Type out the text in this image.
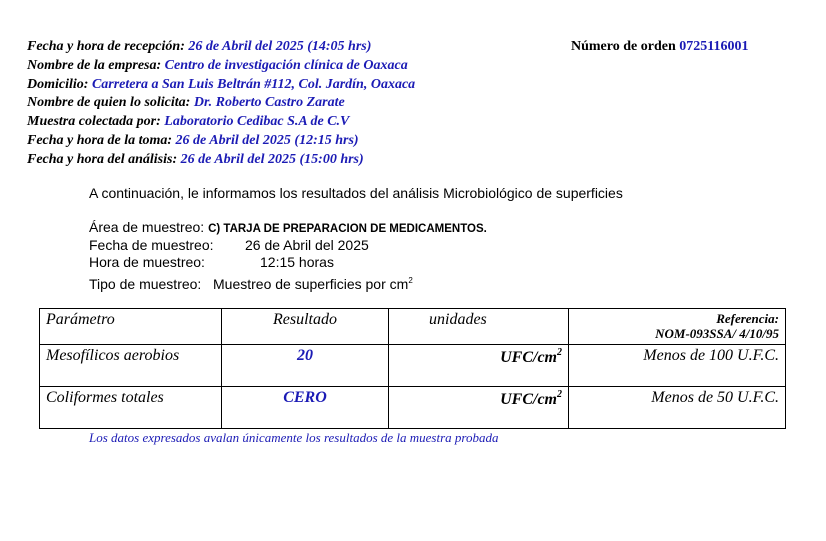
Fecha y hora de recepción: 26 de Abril del 2025 (14:05 hrs)
Nombre de la empresa: Centro de investigación clínica de Oaxaca
Domicilio: Carretera a San Luis Beltrán #112, Col. Jardín, Oaxaca
Nombre de quien lo solicita: Dr. Roberto Castro Zarate
Muestra colectada por: Laboratorio Cedibac S.A de C.V
Fecha y hora de la toma: 26 de Abril del 2025 (12:15 hrs)
Fecha y hora del análisis: 26 de Abril del 2025 (15:00 hrs)
Número de orden 0725116001
A continuación, le informamos los resultados del análisis Microbiológico de superficies
Área de muestreo: C) TARJA DE PREPARACION DE MEDICAMENTOS.
Fecha de muestreo: 26 de Abril del 2025
Hora de muestreo:	12:15 horas
Tipo de muestreo: Muestreo de superficies por $cm^2$
Parámetro	Resultado	unidades	Referencia:
NOM-093SSA/ 4/10/95

Mesofílicos aerobios	20	UFC/$cm^2$	Menos de 100 U.F.C.
Coliformes totales	CERO	UFC/$cm^2$	Menos de 50 U.F.C.
Los datos expresados avalan únicamente los resultados de la muestra probada
